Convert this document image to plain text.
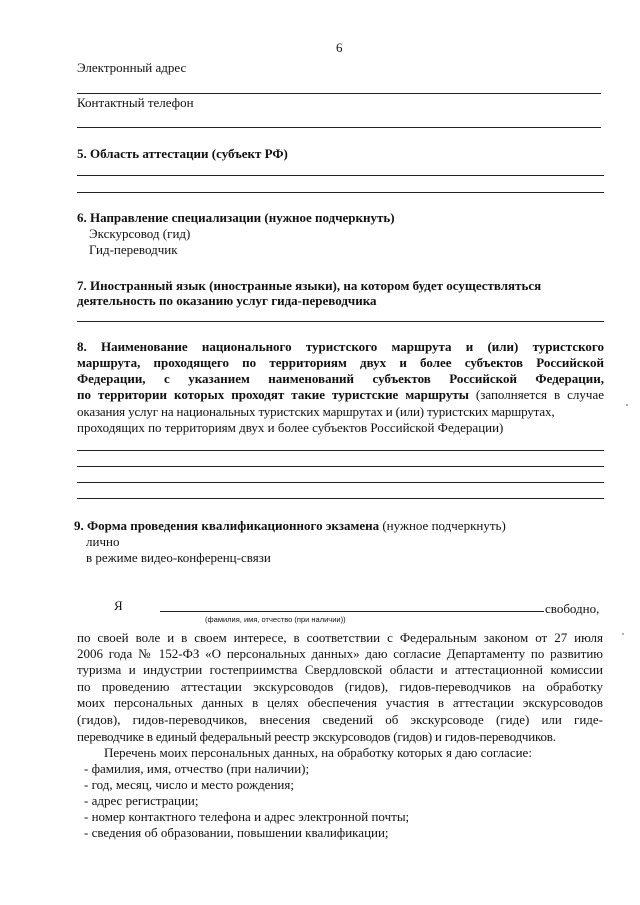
6
Электронный адрес
Контактный телефон
5. Область аттестации (субъект РФ)
6. Направление специализации (нужное подчеркнуть)
Экскурсовод (гид)
Гид-переводчик
7. Иностранный язык (иностранные языки), на котором будет осуществляться
деятельность по оказанию услуг гида-переводчика
8. Наименование национального туристского маршрута и (или) туристского
маршрута, проходящего по территориям двух и более субъектов Российской
Федерации, с указанием наименований субъектов Российской Федерации,
по территории которых проходят такие туристские маршруты (заполняется в случае
оказания услуг на национальных туристских маршрутах и (или) туристских маршрутах,
проходящих по территориям двух и более субъектов Российской Федерации)
9. Форма проведения квалификационного экзамена (нужное подчеркнуть)
лично
в режиме видео-конференц-связи
Я	свободно,
(фамилия, имя, отчество (при наличии))
по своей воле и в своем интересе, в соответствии с Федеральным законом от 27 июля
2006 года № 152-ФЗ «О персональных данных» даю согласие Департаменту по развитию
туризма и индустрии гостеприимства Свердловской области и аттестационной комиссии
по проведению аттестации экскурсоводов (гидов), гидов-переводчиков на обработку
моих персональных данных в целях обеспечения участия в аттестации экскурсоводов
(гидов), гидов-переводчиков, внесения сведений об экскурсоводе (гиде) или гиде-
переводчике в единый федеральный реестр экскурсоводов (гидов) и гидов-переводчиков.
Перечень моих персональных данных, на обработку которых я даю согласие:
- фамилия, имя, отчество (при наличии);
- год, месяц, число и место рождения;
- адрес регистрации;
- номер контактного телефона и адрес электронной почты;
- сведения об образовании, повышении квалификации;
